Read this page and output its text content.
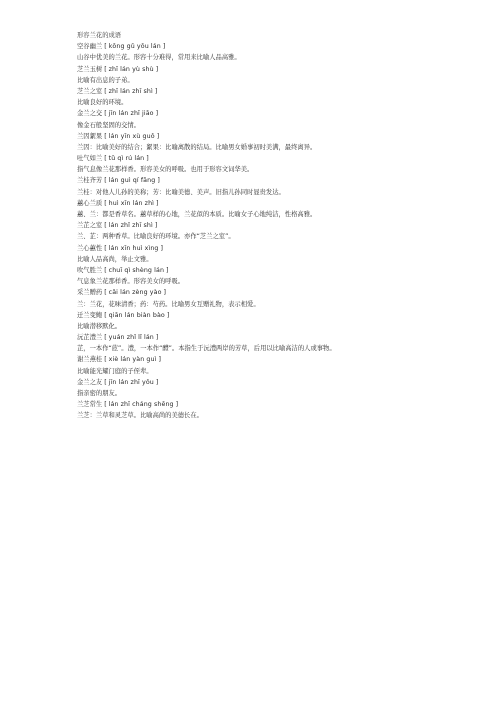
形容兰花的成语
空谷幽兰 [ kōng gǔ yōu lán ]
山谷中优美的兰花。形容十分难得，常用来比喻人品高雅。
芝兰玉树 [ zhī lán yù shù ]
比喻有出息的子弟。
芝兰之室 [ zhī lán zhī shì ]
比喻良好的环境。
金兰之交 [ jīn lán zhī jiāo ]
像金石般坚固的交情。
兰因絮果 [ lán yīn xù guǒ ]
兰因：比喻美好的结合；絮果：比喻离散的结局。比喻男女婚事初时美满，最终离异。
吐气如兰 [ tǔ qì rú lán ]
指气息像兰花那样香。形容美女的呼吸。也用于形容文词华美。
兰桂齐芳 [ lán guì qí fāng ]
兰桂：对他人儿孙的美称；芳：比喻美德、美声。旧指儿孙同时显贵发达。
蕙心兰质 [ huì xīn lán zhì ]
蕙、兰：都是香草名。蕙草样的心地，兰花似的本质。比喻女子心地纯洁，性格高雅。
兰芷之室 [ lán zhǐ zhī shì ]
兰、芷：两种香草。比喻良好的环境。亦作“芝兰之室”。
兰心蕙性 [ lán xīn huì xìng ]
比喻人品高尚，举止文雅。
吹气胜兰 [ chuī qì shèng lán ]
气息象兰花那样香。形容美女的呼吸。
采兰赠药 [ cǎi lán zèng yào ]
兰：兰花，花味清香；药：芍药。比喻男女互赠礼物，表示相爱。
迁兰变鲍 [ qiān lán biàn bào ]
比喻潜移默化。
沅芷澧兰 [ yuán zhǐ lǐ lán ]
芷，一本作“茝”。澧，一本作“醴”。本指生于沅澧两岸的芳草，后用以比喻高洁的人或事物。
谢兰燕桂 [ xiè lán yàn guì ]
比喻能光耀门庭的子侄辈。
金兰之友 [ jīn lán zhī yǒu ]
指亲密的朋友。
兰芝常生 [ lán zhī cháng shēng ]
兰芝：兰草和灵芝草。比喻高尚的美德长在。
